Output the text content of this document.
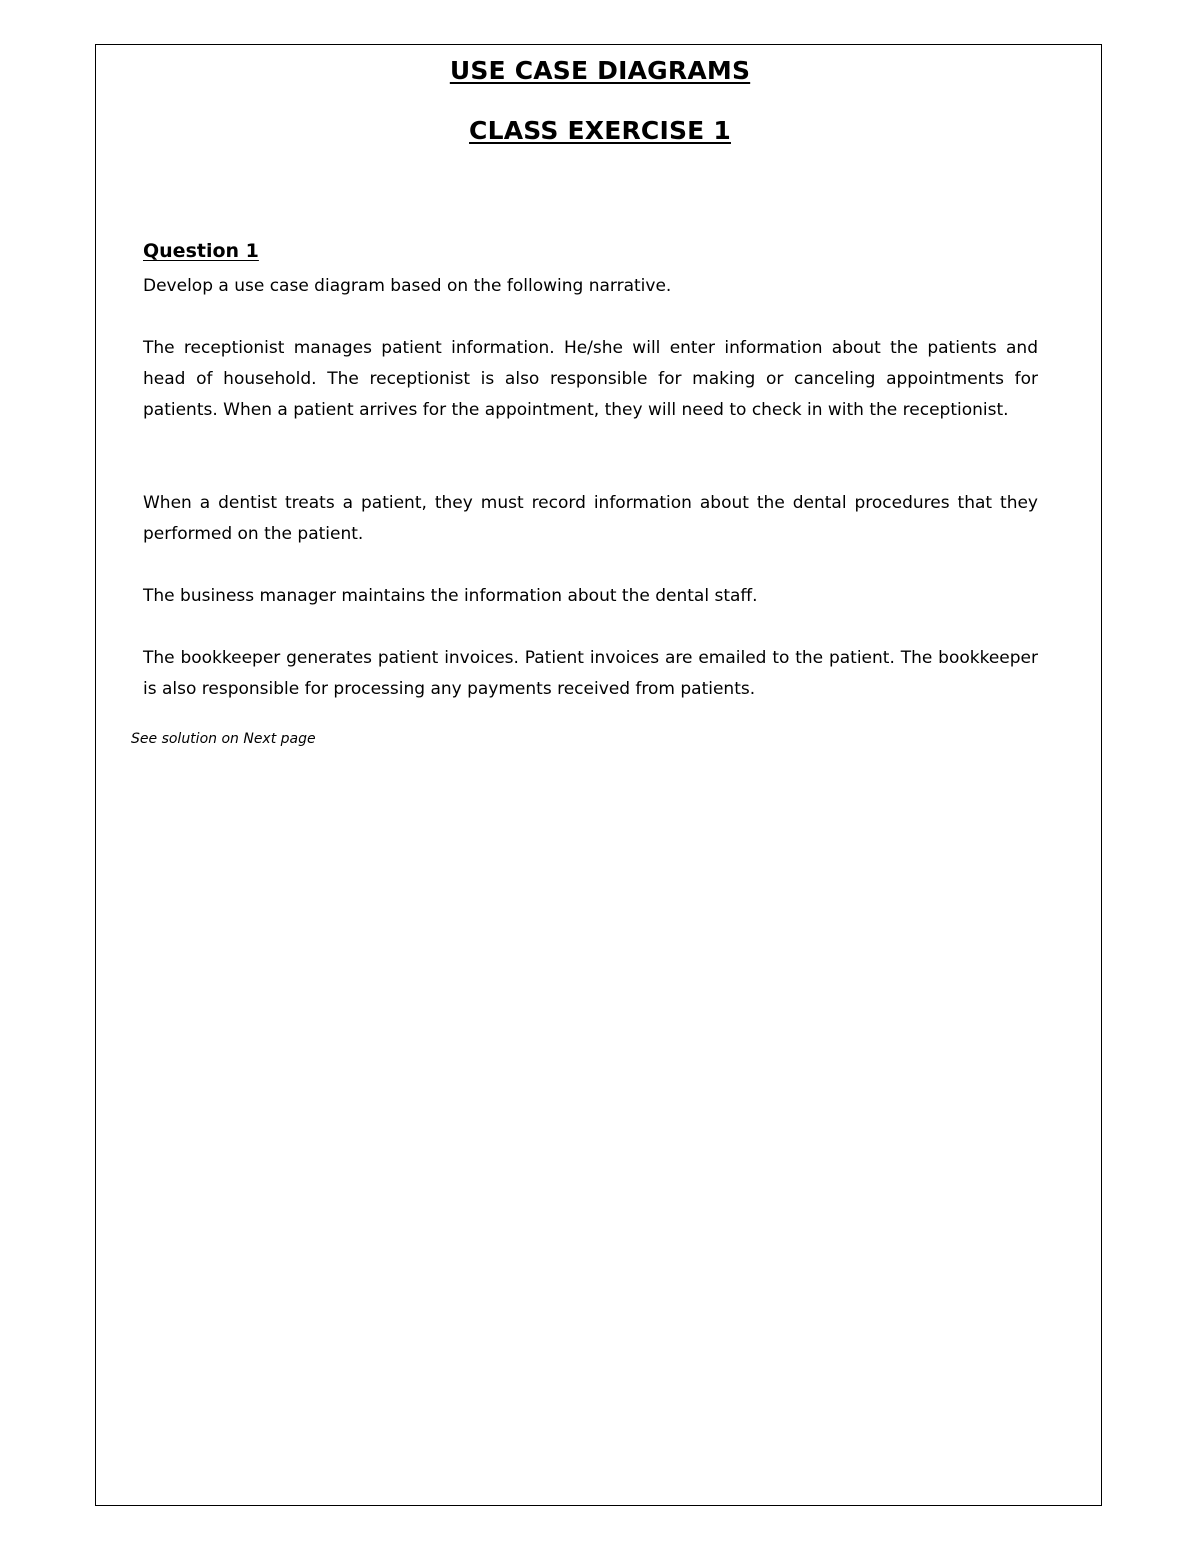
USE CASE DIAGRAMS
CLASS EXERCISE 1
Question 1
Develop a use case diagram based on the following narrative.
The receptionist manages patient information. He/she will enter information about the patients and head of household. The receptionist is also responsible for making or canceling appointments for patients. When a patient arrives for the appointment, they will need to check in with the receptionist.
When a dentist treats a patient, they must record information about the dental procedures that they performed on the patient.
The business manager maintains the information about the dental staff.
The bookkeeper generates patient invoices. Patient invoices are emailed to the patient. The bookkeeper is also responsible for processing any payments received from patients.
See solution on Next page
